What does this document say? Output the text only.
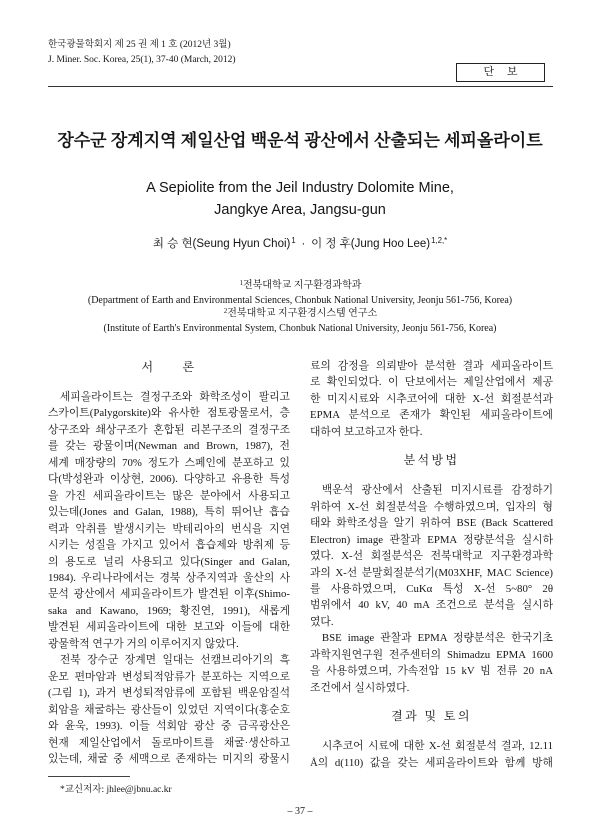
한국광물학회지 제 25 권 제 1 호 (2012년 3월)
J. Miner. Soc. Korea, 25(1), 37-40 (March, 2012)
단 보
장수군 장계지역 제일산업 백운석 광산에서 산출되는 세피올라이트
A Sepiolite from the Jeil Industry Dolomite Mine,
Jangkye Area, Jangsu-gun
최 승 현(Seung Hyun Choi)$^1$ · 이 정 후(Jung Hoo Lee)$^{1,2,*}$
$^1$전북대학교 지구환경과학과
(Department of Earth and Environmental Sciences, Chonbuk National University, Jeonju 561-756, Korea)
$^2$전북대학교 지구환경시스템 연구소
(Institute of Earth's Environmental System, Chonbuk National University, Jeonju 561-756, Korea)
서 론
세피올라이트는 결정구조와 화학조성이 팔리고
스카이트(Palygorskite)와 유사한 점토광물로서, 층
상구조와 쇄상구조가 혼합된 리본구조의 결정구조
를 갖는 광물이며(Newman and Brown, 1987), 전
세계 매장량의 70% 정도가 스페인에 분포하고 있
다(박성완과 이상현, 2006). 다양하고 유용한 특성
을 가진 세피올라이트는 많은 분야에서 사용되고
있는데(Jones and Galan, 1988), 특히 뛰어난 흡습
력과 악취를 발생시키는 박테리아의 번식을 지연
시키는 성질을 가지고 있어서 흡습제와 방취제 등
의 용도로 널리 사용되고 있다(Singer and Galan,
1984). 우리나라에서는 경북 상주지역과 울산의 사
문석 광산에서 세피올라이트가 발견된 이후(Shimo-
saka and Kawano, 1969; 황진연, 1991), 새롭게
발견된 세피올라이트에 대한 보고와 이들에 대한
광물학적 연구가 거의 이루어지지 않았다.
전북 장수군 장계면 일대는 선캠브리아기의 흑
운모 편마암과 변성퇴적암류가 분포하는 지역으로
(그림 1), 과거 변성퇴적암류에 포함된 백운암질석
회암을 채굴하는 광산들이 있었던 지역이다(홍순호
와 윤욱, 1993). 이들 석회암 광산 중 금곡광산은
현재 제일산업에서 돌로마이트를 채굴·생산하고
있는데, 채굴 중 세맥으로 존재하는 미지의 광물시
료의 감정을 의뢰받아 분석한 결과 세피올라이트
로 확인되었다. 이 단보에서는 제일산업에서 제공
한 미지시료와 시추코어에 대한 X-선 회절분석과
EPMA 분석으로 존재가 확인된 세피올라이트에
대하여 보고하고자 한다.
분석방법
백운석 광산에서 산출된 미지시료를 감정하기
위하여 X-선 회절분석을 수행하였으며, 입자의 형
태와 화학조성을 알기 위하여 BSE (Back Scattered
Electron) image 관찰과 EPMA 정량분석을 실시하
였다. X-선 회절분석은 전북대학교 지구환경과학
과의 X-선 분말회절분석기(M03XHF, MAC Science)
를 사용하였으며, CuKα 특성 X-선 5~80° 2θ
범위에서 40 kV, 40 mA 조건으로 분석을 실시하
였다.
BSE image 관찰과 EPMA 정량분석은 한국기초
과학지원연구원 전주센터의 Shimadzu EPMA 1600
을 사용하였으며, 가속전압 15 kV 빔 전류 20 nA
조건에서 실시하였다.
결과 및 토의
시추코어 시료에 대한 X-선 회절분석 결과, 12.11
Å의 d(110) 값을 갖는 세피올라이트와 함께 방해
*교신저자: jhlee@jbnu.ac.kr
– 37 –
